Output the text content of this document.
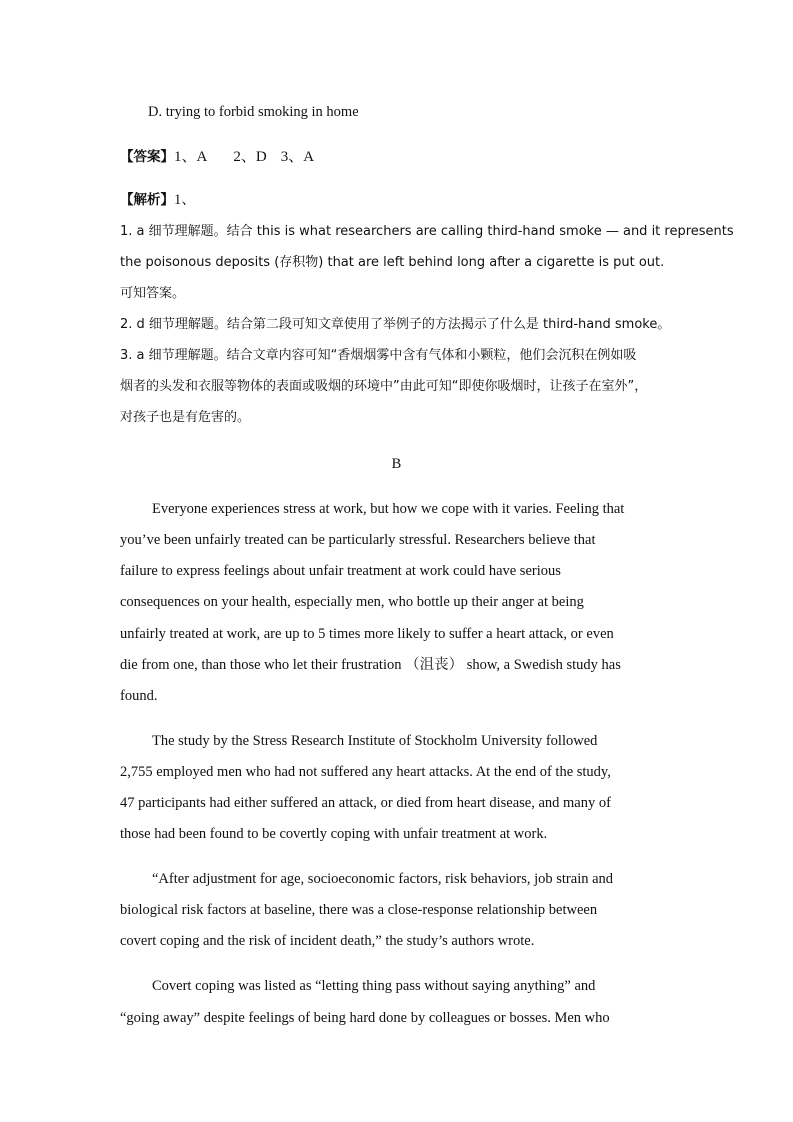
D. trying to forbid smoking in home
【答案】1、A 2、D 3、A
【解析】1、
1. a 细节理解题。结合 this is what researchers are calling third-hand smoke — and it represents
the poisonous deposits (存积物) that are left behind long after a cigarette is put out.
可知答案。
2. d 细节理解题。结合第二段可知文章使用了举例子的方法揭示了什么是 third-hand smoke。
3. a 细节理解题。结合文章内容可知“香烟烟雾中含有气体和小颗粒，他们会沉积在例如吸
烟者的头发和衣服等物体的表面或吸烟的环境中”由此可知“即使你吸烟时，让孩子在室外”，
对孩子也是有危害的。
B
Everyone experiences stress at work, but how we cope with it varies. Feeling that
you’ve been unfairly treated can be particularly stressful. Researchers believe that
failure to express feelings about unfair treatment at work could have serious
consequences on your health, especially men, who bottle up their anger at being
unfairly treated at work, are up to 5 times more likely to suffer a heart attack, or even
die from one, than those who let their frustration （沮丧） show, a Swedish study has
found.
The study by the Stress Research Institute of Stockholm University followed
2,755 employed men who had not suffered any heart attacks. At the end of the study,
47 participants had either suffered an attack, or died from heart disease, and many of
those had been found to be covertly coping with unfair treatment at work.
“After adjustment for age, socioeconomic factors, risk behaviors, job strain and
biological risk factors at baseline, there was a close-response relationship between
covert coping and the risk of incident death,” the study’s authors wrote.
Covert coping was listed as “letting thing pass without saying anything” and
“going away” despite feelings of being hard done by colleagues or bosses. Men who
